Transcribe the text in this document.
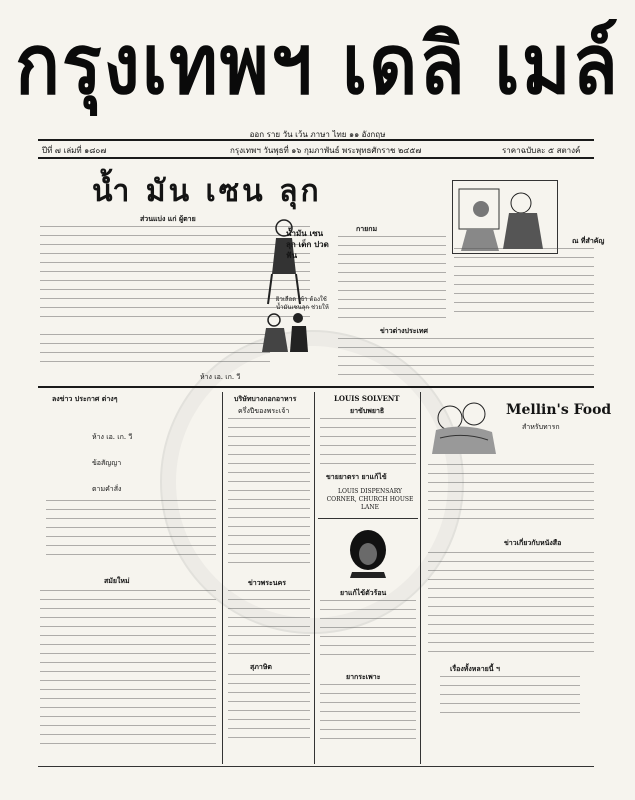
กรุงเทพฯ เดลิ เมล์
ออก ราย วัน เว้น ภาษา ไทย ๑๑ อังกฤษ
ปีที่ ๗ เล่มที่ ๑๘๐๗	กรุงเทพฯ วันพุธที่ ๑๖ กุมภาพันธ์ พระพุทธศักราช ๒๔๕๗	ราคาฉบับละ ๕ สตางค์
น้ำ มัน เซน ลุก
ส่วนแบ่ง แก่ ผู้ตาย
ห้าง เอ. เก. วี
น้ำมัน เซน ลุก เด็ก ปวด ฟัน
ผิวเลือด เข้า ต้องใช้น้ำมันเซนลุก ช่วยให้
กายกม
ณ ที่สำคัญ
ข่าวต่างประเทศ
ลงข่าว ประกาศ ต่างๆ
ห้าง เอ. เก. วี
ข้อสัญญา
ตามคำสั่ง
สมัยใหม่
บริษัทบางกอกอาหาร
ครึ่งปีของพระเจ้า
ข่าวพระนคร
สุภาษิต
LOUIS SOLVENT
ยาขับพยาธิ
ขายยาตรา ยาแก้ไข้
LOUIS DISPENSARY CORNER, CHURCH HOUSE LANE
ยาแก้ไข้ตัวร้อน
ยากระเพาะ
Mellin's Food
สำหรับทารก
ข่าวเกี่ยวกับหนังสือ
เรื่องทั้งหลายนี้ ฯ
